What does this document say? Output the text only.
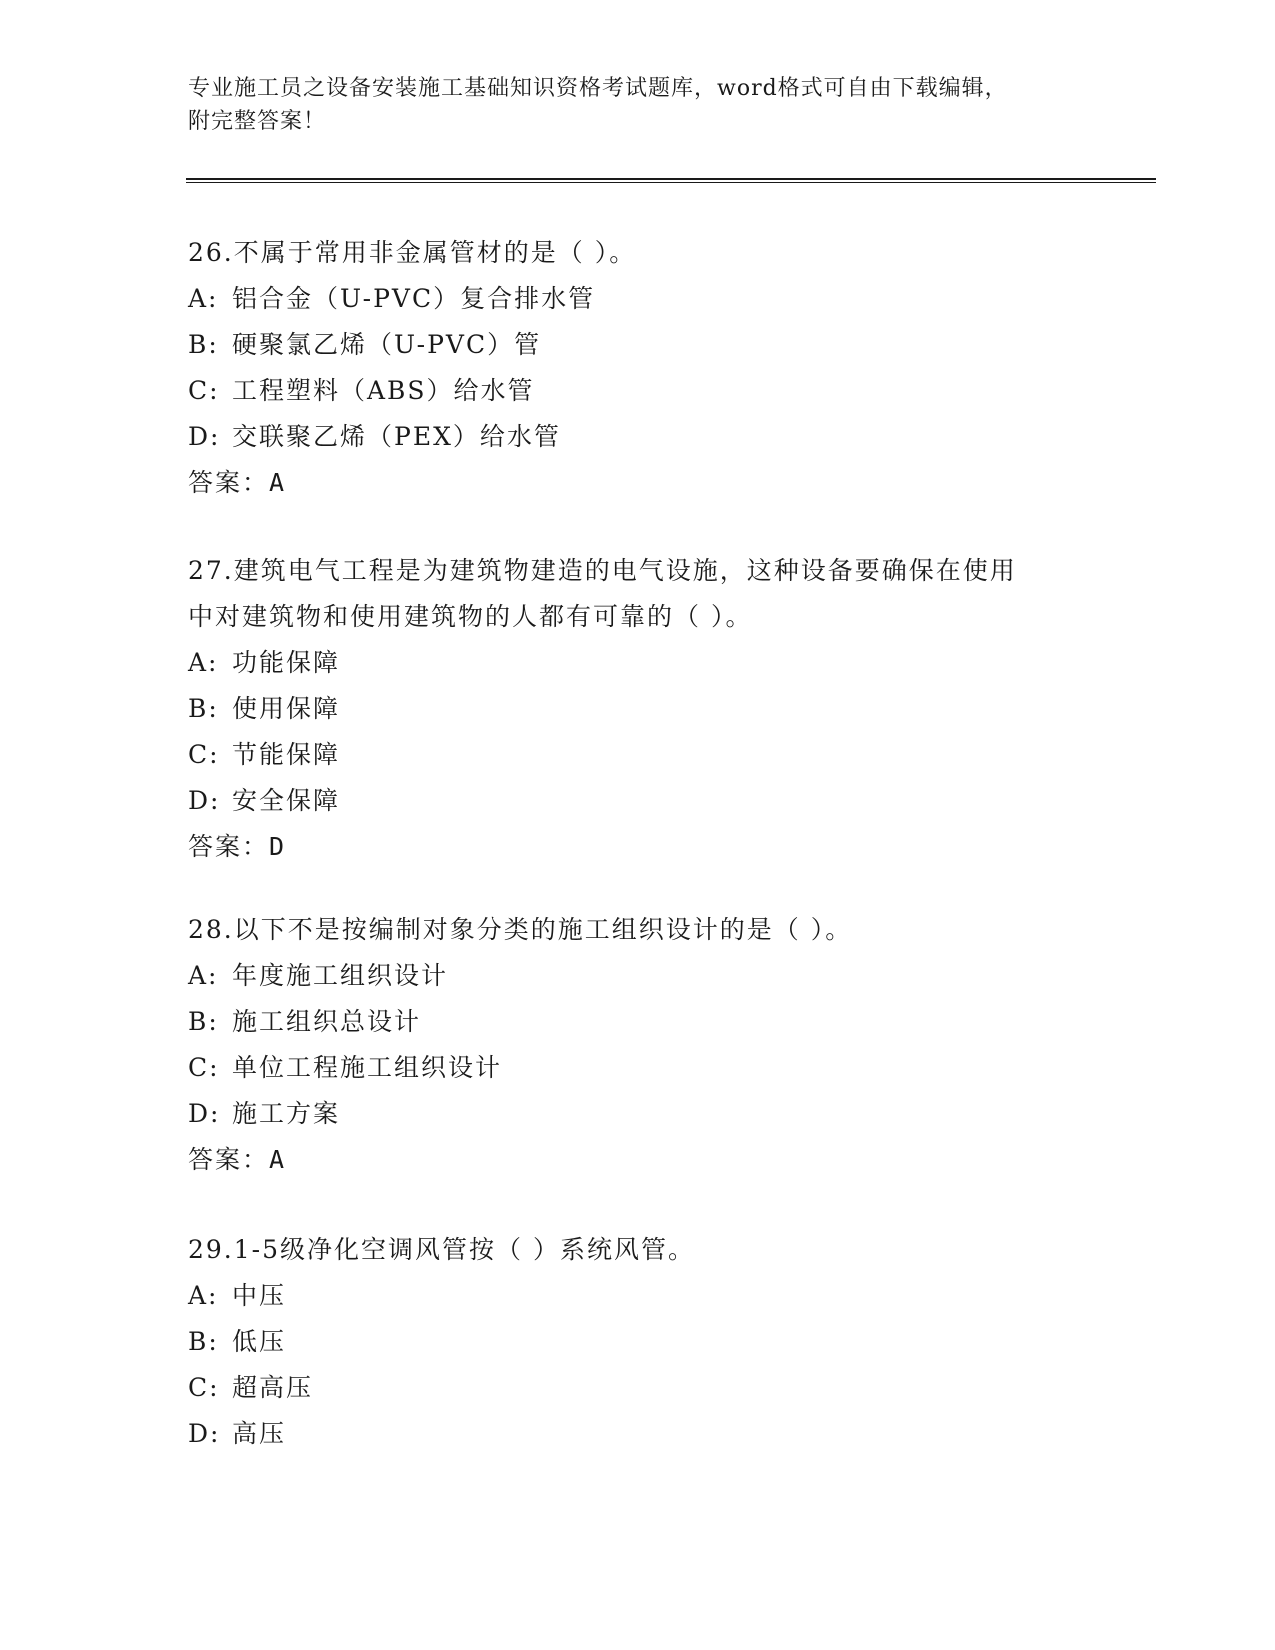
专业施工员之设备安装施工基础知识资格考试题库，word格式可自由下载编辑，
附完整答案！
26.不属于常用非金属管材的是（ ）。
A: 铝合金（U-PVC）复合排水管
B: 硬聚氯乙烯（U-PVC）管
C: 工程塑料（ABS）给水管
D: 交联聚乙烯（PEX）给水管
答案：A
27.建筑电气工程是为建筑物建造的电气设施，这种设备要确保在使用
中对建筑物和使用建筑物的人都有可靠的（ ）。
A: 功能保障
B: 使用保障
C: 节能保障
D: 安全保障
答案：D
28.以下不是按编制对象分类的施工组织设计的是（ ）。
A: 年度施工组织设计
B: 施工组织总设计
C: 单位工程施工组织设计
D: 施工方案
答案：A
29.1-5级净化空调风管按（ ）系统风管。
A: 中压
B: 低压
C: 超高压
D: 高压
